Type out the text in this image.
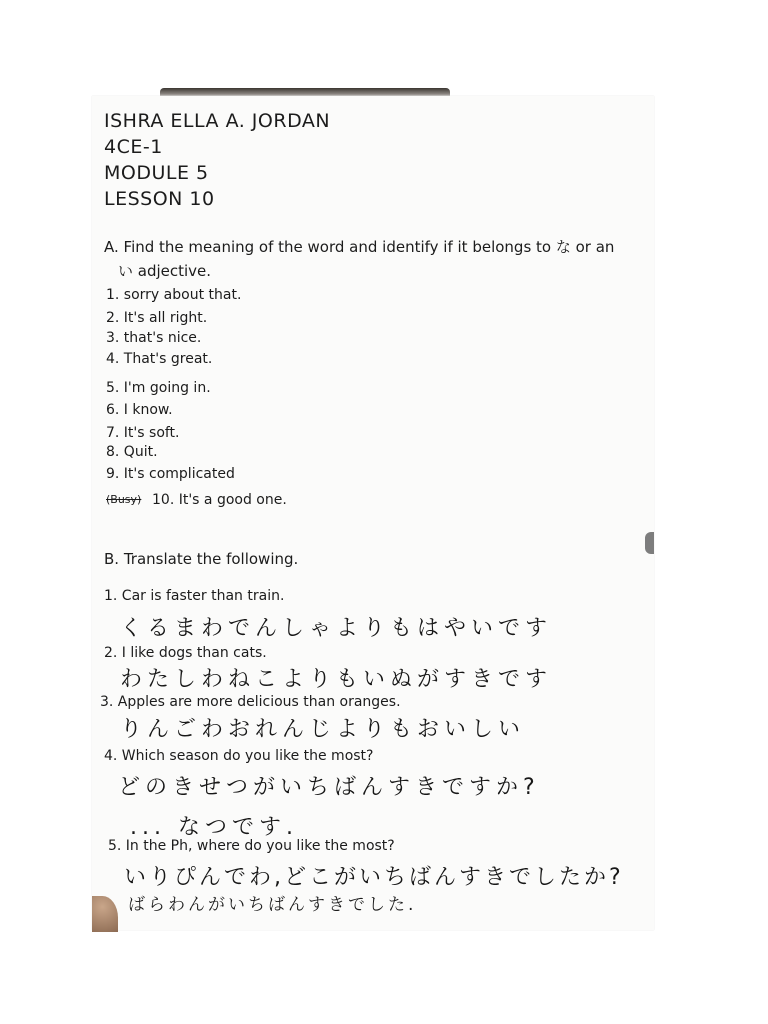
ISHRA ELLA A. JORDAN
4CE-1
MODULE 5
LESSON 10
A. Find the meaning of the word and identify if it belongs to な or an
い adjective.
1. sorry about that.
2. It's all right.
3. that's nice.
4. That's great.
5. I'm going in.
6. I know.
7. It's soft.
8. Quit.
9. It's complicated
(Busy) 10. It's a good one.
B. Translate the following.
1. Car is faster than train.
くるまわでんしゃよりもはやいです
2. I like dogs than cats.
わたしわねこよりもいぬがすきです
3. Apples are more delicious than oranges.
りんごわおれんじよりもおいしい
4. Which season do you like the most?
どのきせつがいちばんすきですか?
... なつです.
5. In the Ph, where do you like the most?
いりぴんでわ,どこがいちばんすきでしたか?
ばらわんがいちばんすきでした.
